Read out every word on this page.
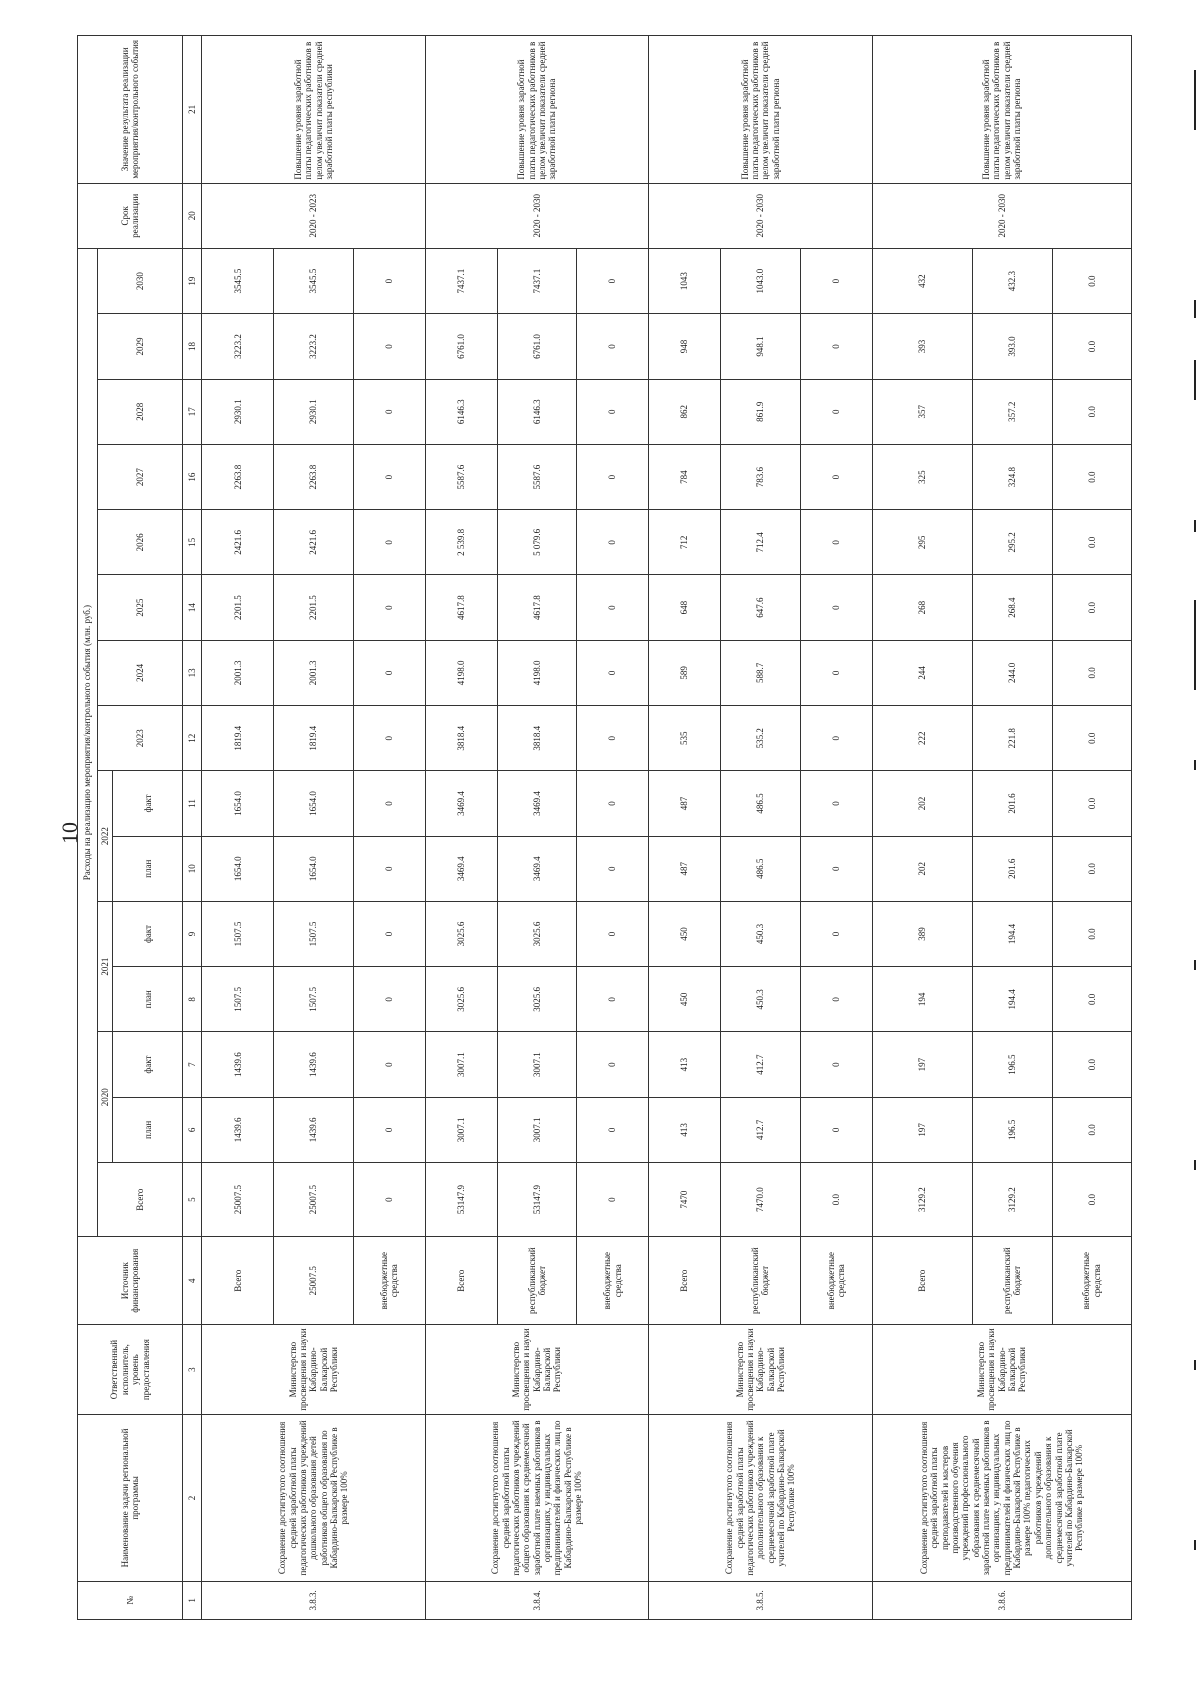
10
№	Наименование задачи региональной программы	Ответственный исполнитель, уровень предоставления	Источник финансирования	Расходы на реализацию мероприятия/контрольного события (млн. руб.)															Срок реализации	Значение результата реализации мероприятия/контрольного события
				Всего	2020		2021		2022		2023	2024	2025	2026	2027	2028	2029	2030		
					план	факт	план	факт	план	факт										
1	2	3	4	5	6	7	8	9	10	11	12	13	14	15	16	17	18	19	20	21
3.8.3.	Сохранение достигнутого соотношения средней заработной платы педагогических работников учреждений дошкольного образования детей работников общего образования по Кабардино-Балкарской Республике в размере 100%	Министерство просвещения и науки Кабардино-Балкарской Республики	Всего	25007.5	1439.6	1439.6	1507.5	1507.5	1654.0	1654.0	1819.4	2001.3	2201.5	2421.6	2263.8	2930.1	3223.2	3545.5	2020 - 2023	Повышение уровня заработной платы педагогических работников в целом увеличит показатели средней заработной платы республики
			25007.5	25007.5	1439.6	1439.6	1507.5	1507.5	1654.0	1654.0	1819.4	2001.3	2201.5	2421.6	2263.8	2930.1	3223.2	3545.5		
			внебюджетные средства	0	0	0	0	0	0	0	0	0	0	0	0	0	0	0		
3.8.4.	Сохранение достигнутого соотношения средней заработной платы педагогических работников учреждений общего образования к среднемесячной заработной плате наемных работников в организациях, у индивидуальных предпринимателей и физических лиц по Кабардино-Балкарской Республике в размере 100%	Министерство просвещения и науки Кабардино-Балкарской Республики	Всего	53147.9	3007.1	3007.1	3025.6	3025.6	3469.4	3469.4	3818.4	4198.0	4617.8	2 539.8	5587.6	6146.3	6761.0	7437.1	2020 - 2030	Повышение уровня заработной платы педагогических работников в целом увеличит показатели средней заработной платы региона
			республиканский бюджет	53147.9	3007.1	3007.1	3025.6	3025.6	3469.4	3469.4	3818.4	4198.0	4617.8	5 079.6	5587.6	6146.3	6761.0	7437.1		
			внебюджетные средства	0	0	0	0	0	0	0	0	0	0	0	0	0	0	0		
3.8.5.	Сохранение достигнутого соотношения средней заработной платы педагогических работников учреждений дополнительного образования к среднемесячной заработной плате учителей по Кабардино-Балкарской Республике 100%	Министерство просвещения и науки Кабардино-Балкарской Республики	Всего	7470	413	413	450	450	487	487	535	589	648	712	784	862	948	1043	2020 - 2030	Повышение уровня заработной платы педагогических работников в целом увеличит показатели средней заработной платы региона
			республиканский бюджет	7470.0	412.7	412.7	450.3	450.3	486.5	486.5	535.2	588.7	647.6	712.4	783.6	861.9	948.1	1043.0		
			внебюджетные средства	0.0	0	0	0	0	0	0	0	0	0	0	0	0	0	0		
3.8.6.	Сохранение достигнутого соотношения средней заработной платы преподавателей и мастеров производственного обучения учреждений профессионального образования к среднемесячной заработной плате наемных работников в организациях, у индивидуальных предпринимателей и физических лиц по Кабардино-Балкарской Республике в размере 100% педагогических работников учреждений дополнительного образования к среднемесячной заработной плате учителей по Кабардино-Балкарской Республике в размере 100%	Министерство просвещения и науки Кабардино-Балкарской Республики	Всего	3129.2	197	197	194	389	202	202	222	244	268	295	325	357	393	432	2020 - 2030	Повышение уровня заработной платы педагогических работников в целом увеличит показатели средней заработной платы региона
			республиканский бюджет	3129.2	196.5	196.5	194.4	194.4	201.6	201.6	221.8	244.0	268.4	295.2	324.8	357.2	393.0	432.3		
			внебюджетные средства	0.0	0.0	0.0	0.0	0.0	0.0	0.0	0.0	0.0	0.0	0.0	0.0	0.0	0.0	0.0		
